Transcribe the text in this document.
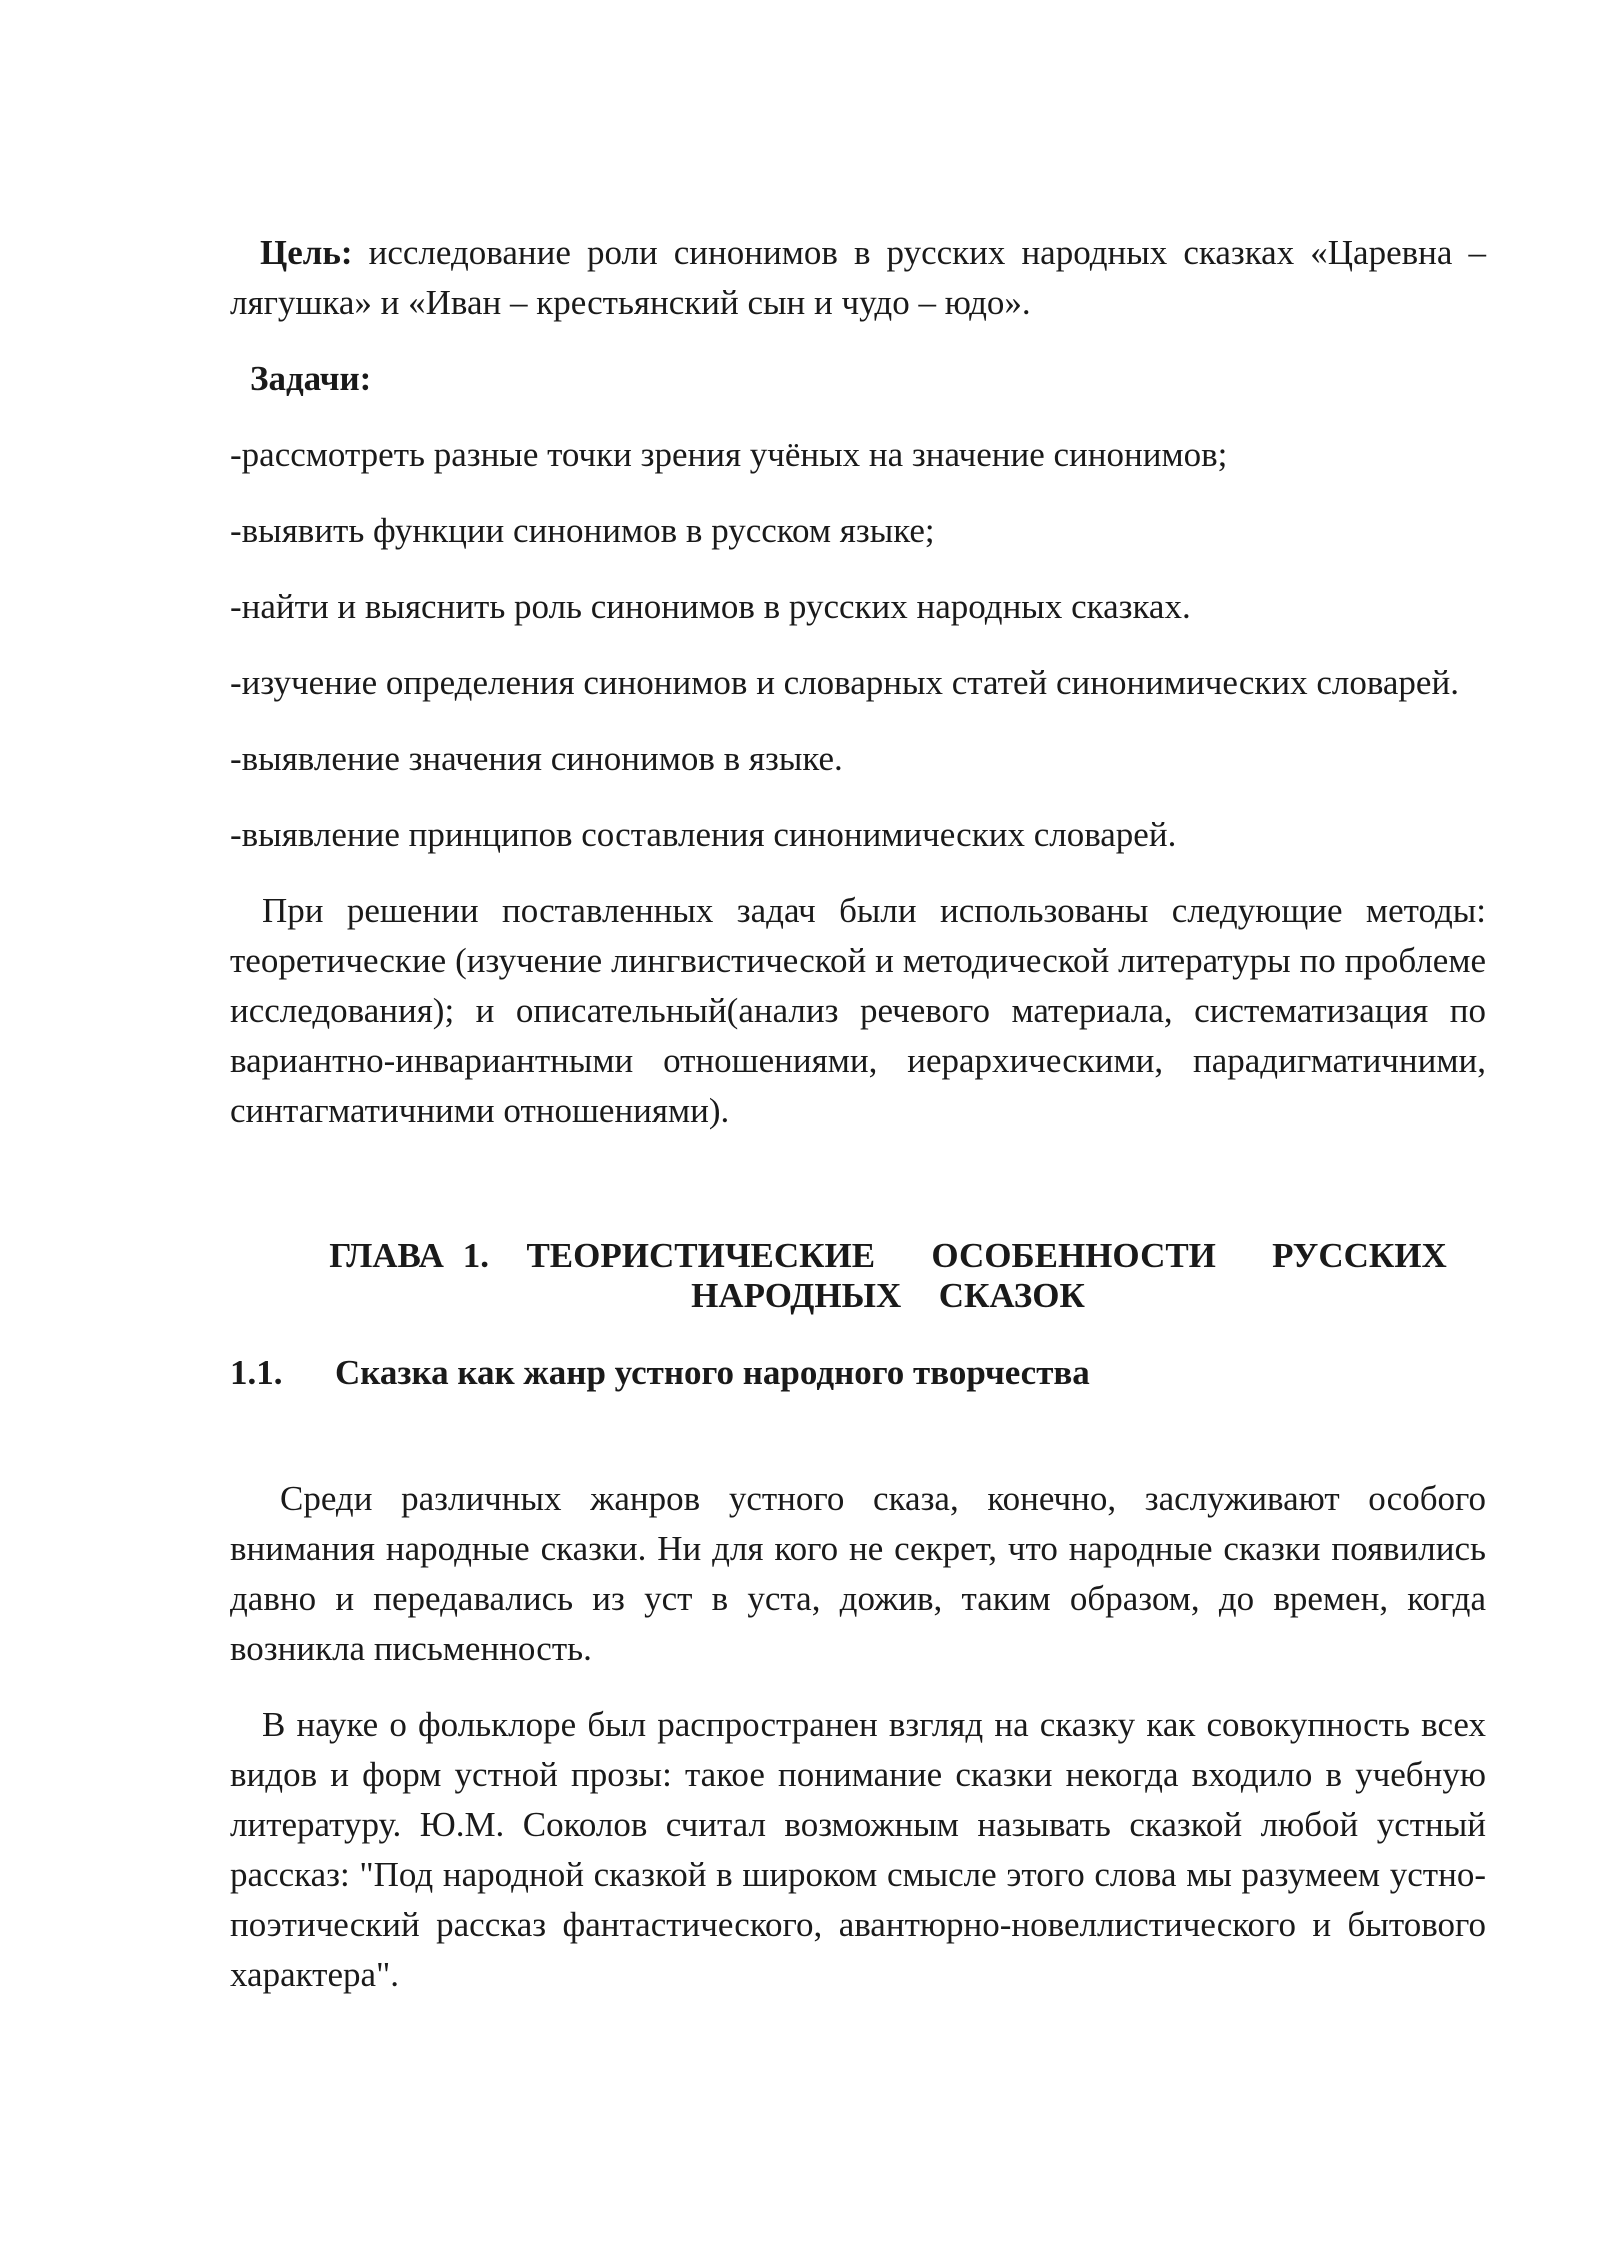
Цель: исследование роли синонимов в русских народных сказках «Царевна – лягушка» и «Иван – крестьянский сын и чудо – юдо».

Задачи:

-рассмотреть разные точки зрения учёных на значение синонимов;

-выявить функции синонимов в русском языке;

-найти и выяснить роль синонимов в русских народных сказках.

-изучение определения синонимов и словарных статей синонимических словарей.

-выявление значения синонимов в языке.

-выявление принципов составления синонимических словарей.

При решении поставленных задач были использованы следующие методы: теоретические (изучение лингвистической и методической литературы по проблеме исследования); и описательный(анализ речевого материала, систематизация по вариантно-инвариантными отношениями, иерархическими, парадигматичними, синтагматичними отношениями).

ГЛАВА 1.  ТЕОРИСТИЧЕСКИЕ   ОСОБЕННОСТИ   РУССКИХ
НАРОДНЫХ  СКАЗОК
1.1.	Сказка как жанр устного народного творчества

Среди различных жанров устного сказа, конечно, заслуживают особого внимания народные сказки. Ни для кого не секрет, что народные сказки появились давно и передавались из уст в уста, дожив, таким образом, до времен, когда возникла письменность.

В науке о фольклоре был распространен взгляд на сказку как совокупность всех видов и форм устной прозы: такое понимание сказки некогда входило в учебную литературу. Ю.М. Соколов считал возможным называть сказкой любой устный рассказ: "Под народной сказкой в широком смысле этого слова мы разумеем устно-поэтический рассказ фантастического, авантюрно-новеллистического и бытового характера".
